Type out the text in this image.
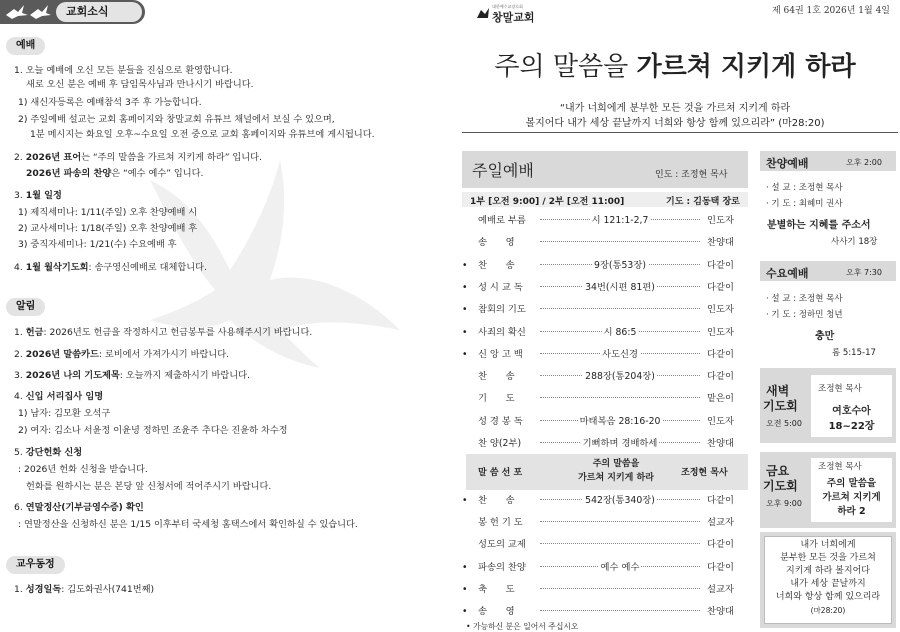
교회소식
예배
1. 오늘 예배에 오신 모든 분들을 진심으로 환영합니다.
새로 오신 분은 예배 후 담임목사님과 만나시기 바랍니다.
1) 새신자등록은 예배참석 3주 후 가능합니다.
2) 주일예배 설교는 교회 홈페이지와 창말교회 유튜브 채널에서 보실 수 있으며,
1분 메시지는 화요일 오후~수요일 오전 중으로 교회 홈페이지와 유튜브에 게시됩니다.
2. 2026년 표어는 “주의 말씀을 가르쳐 지키게 하라” 입니다.
2026년 파송의 찬양은 “예수 예수” 입니다.
3. 1월 일정
1) 제직세미나: 1/11(주일) 오후 찬양예배 시
2) 교사세미나: 1/18(주일) 오후 찬양예배 후
3) 중직자세미나: 1/21(수) 수요예배 후
4. 1월 월삭기도회: 송구영신예배로 대체합니다.
알림
1. 헌금: 2026년도 헌금을 작정하시고 헌금봉투를 사용해주시기 바랍니다.
2. 2026년 말씀카드: 로비에서 가져가시기 바랍니다.
3. 2026년 나의 기도제목: 오늘까지 제출하시기 바랍니다.
4. 신입 서리집사 임명
1) 남자: 김모환 오석구
2) 여자: 김소나 서윤정 이윤녕 정하민 조윤주 추다은 진윤하 차수정
5. 강단헌화 신청
: 2026년 헌화 신청을 받습니다.
헌화를 원하시는 분은 본당 앞 신청서에 적어주시기 바랍니다.
6. 연말정산(기부금영수증) 확인
: 연말정산을 신청하신 분은 1/15 이후부터 국세청 홈택스에서 확인하실 수 있습니다.
교우동정
1. 성경일독: 김도화권사(741번째)
대한예수교장로회
창말교회	제 64권 1호 2026년 1월 4일
주의 말씀을 가르쳐 지키게 하라
“내가 너희에게 분부한 모든 것을 가르쳐 지키게 하라
볼지어다 내가 세상 끝날까지 너희와 항상 함께 있으리라” (마28:20)
주일예배	인도 : 조정현 목사
1부 [오전 9:00] / 2부 [오전 11:00]	기도 : 김동택 장로
예배로 부름	시 121:1-2,7	인도자
송　　영	찬양대
• 찬　　송	9장(통53장)	다같이
• 성 시 교 독	34번(시편 81편)	다같이
• 참회의 기도	인도자
• 사죄의 확신	시 86:5	인도자
• 신 앙 고 백	사도신경	다같이
찬　　송	288장(통204장)	다같이
기　　도	맡은이
성 경 봉 독	마태복음 28:16-20	인도자
찬 양(2부)	기뻐하며 경배하세	찬양대
말 씀 선 포
주의 말씀을
가르쳐 지키게 하라	조정현 목사
• 찬　　송	542장(통340장)	다같이
봉 헌 기 도	설교자
성도의 교제	다같이
• 파송의 찬양	예수 예수	다같이
• 축　　도	설교자
• 송　　영	찬양대
• 가능하신 분은 일어서 주십시오
찬양예배	오후 2:00
· 설 교 : 조정현 목사
· 기 도 : 최혜미 권사
분별하는 지혜를 주소서
사사기 18장
수요예배	오후 7:30
· 설 교 : 조정현 목사
· 기 도 : 정하민 청년
충만
롬 5:15-17
새벽
기도회
오전 5:00
조정현 목사
여호수아
18~22장
금요
기도회
오후 9:00
조정현 목사
주의 말씀을
가르쳐 지키게
하라 2
내가 너희에게
분부한 모든 것을 가르쳐
지키게 하라 볼지어다
내가 세상 끝날까지
너희와 항상 함께 있으리라
(마28:20)
